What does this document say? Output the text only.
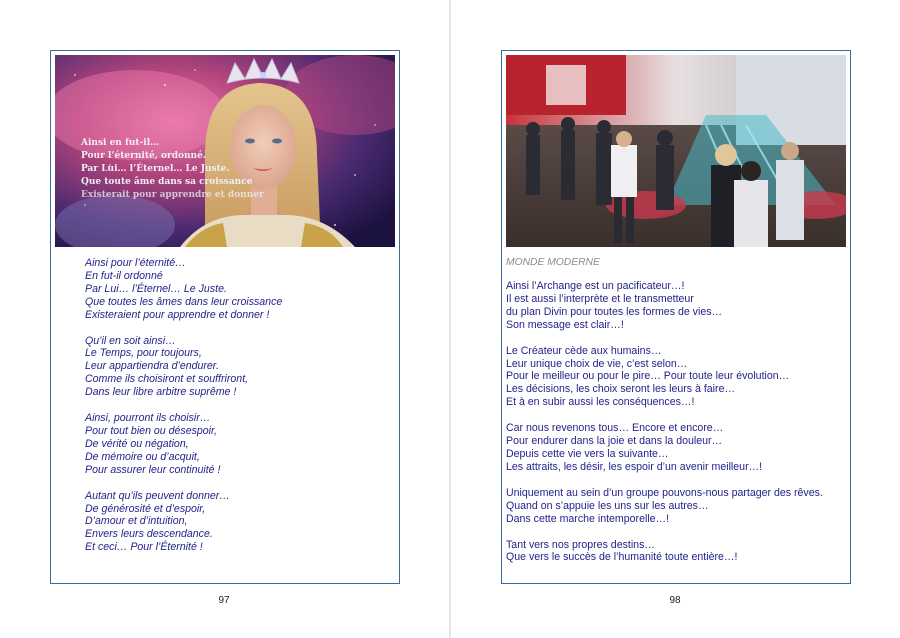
Ainsi en fut-il…
Pour l’éternité, ordonné.
Par Lui… l’Éternel… Le Juste.
Que toute âme dans sa croissance
Existerait pour apprendre et donner
Ainsi pour l’éternité…
En fut-il ordonné
Par Lui… l’Éternel… Le Juste.
Que toutes les âmes dans leur croissance
Existeraient pour apprendre et donner !
Qu’il en soit ainsi…
Le Temps, pour toujours,
Leur appartiendra d’endurer.
Comme ils choisiront et souffriront,
Dans leur libre arbitre suprême !
Ainsi, pourront ils choisir…
Pour tout bien ou désespoir,
De vérité ou négation,
De mémoire ou d’acquit,
Pour assurer leur continuité !
Autant qu’ils peuvent donner…
De générosité et d’espoir,
D’amour et d’intuition,
Envers leurs descendance.
Et ceci… Pour l’Éternité !
97
MONDE MODERNE
Ainsi l’Archange est un pacificateur…!
Il est aussi l’interprète et le transmetteur
du plan Divin pour toutes les formes de vies…
Son message est clair…!
Le Créateur cède aux humains…
Leur unique choix de vie, c’est selon…
Pour le meilleur ou pour le pire… Pour toute leur évolution…
Les décisions, les choix seront les leurs à faire…
Et à en subir aussi les conséquences…!
Car nous revenons tous… Encore et encore…
Pour endurer dans la joie et dans la douleur…
Depuis cette vie vers la suivante…
Les attraits, les désir, les espoir d’un avenir meilleur…!
Uniquement au sein d’un groupe pouvons-nous partager des rêves.
Quand on s’appuie les uns sur les autres…
Dans cette marche intemporelle…!
Tant vers nos propres destins…
Que vers le succès de l’humanité toute entière…!
98
